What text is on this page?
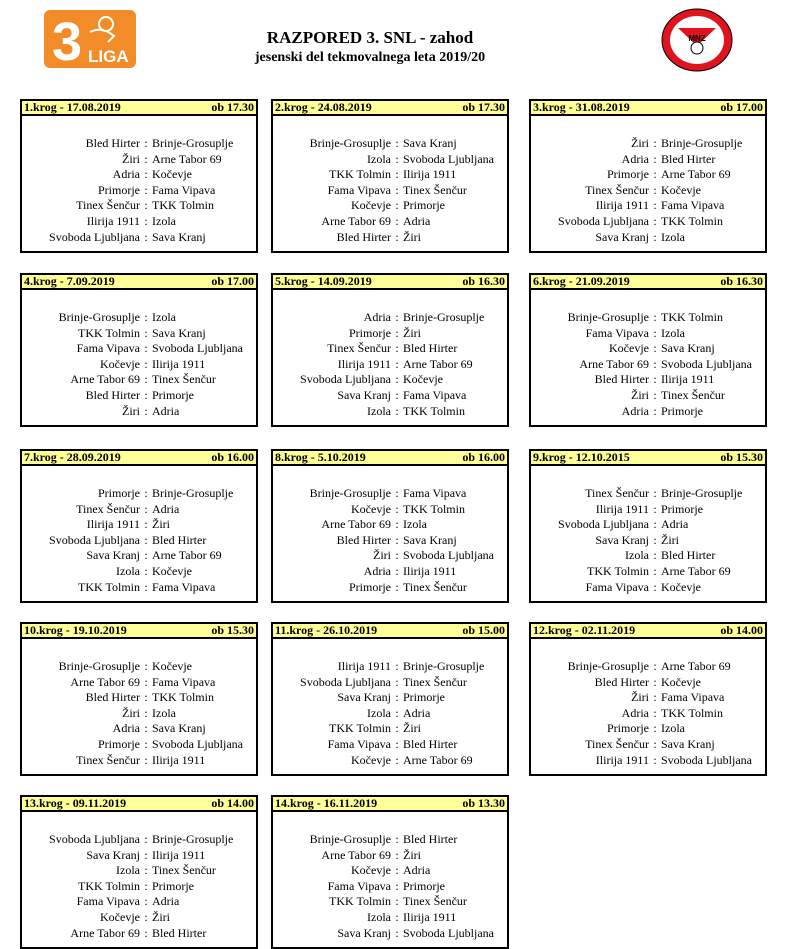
3 LIGA
RAZPORED 3. SNL - zahod
jesenski del tekmovalnega leta 2019/20
MNZ
1.krog - 17.08.2019	ob 17.30
Bled Hirter : Brinje-Grosuplje
Žiri : Arne Tabor 69
Adria : Kočevje
Primorje : Fama Vipava
Tinex Šenčur : TKK Tolmin
Ilirija 1911 : Izola
Svoboda Ljubljana : Sava Kranj
2.krog - 24.08.2019	ob 17.30
Brinje-Grosuplje : Sava Kranj
Izola : Svoboda Ljubljana
TKK Tolmin : Ilirija 1911
Fama Vipava : Tinex Šenčur
Kočevje : Primorje
Arne Tabor 69 : Adria
Bled Hirter : Žiri
3.krog - 31.08.2019	ob 17.00
Žiri : Brinje-Grosuplje
Adria : Bled Hirter
Primorje : Arne Tabor 69
Tinex Šenčur : Kočevje
Ilirija 1911 : Fama Vipava
Svoboda Ljubljana : TKK Tolmin
Sava Kranj : Izola
4.krog - 7.09.2019	ob 17.00
Brinje-Grosuplje : Izola
TKK Tolmin : Sava Kranj
Fama Vipava : Svoboda Ljubljana
Kočevje : Ilirija 1911
Arne Tabor 69 : Tinex Šenčur
Bled Hirter : Primorje
Žiri : Adria
5.krog - 14.09.2019	ob 16.30
Adria : Brinje-Grosuplje
Primorje : Žiri
Tinex Šenčur : Bled Hirter
Ilirija 1911 : Arne Tabor 69
Svoboda Ljubljana : Kočevje
Sava Kranj : Fama Vipava
Izola : TKK Tolmin
6.krog - 21.09.2019	ob 16.30
Brinje-Grosuplje : TKK Tolmin
Fama Vipava : Izola
Kočevje : Sava Kranj
Arne Tabor 69 : Svoboda Ljubljana
Bled Hirter : Ilirija 1911
Žiri : Tinex Šenčur
Adria : Primorje
7.krog - 28.09.2019	ob 16.00
Primorje : Brinje-Grosuplje
Tinex Šenčur : Adria
Ilirija 1911 : Žiri
Svoboda Ljubljana : Bled Hirter
Sava Kranj : Arne Tabor 69
Izola : Kočevje
TKK Tolmin : Fama Vipava
8.krog - 5.10.2019	ob 16.00
Brinje-Grosuplje : Fama Vipava
Kočevje : TKK Tolmin
Arne Tabor 69 : Izola
Bled Hirter : Sava Kranj
Žiri : Svoboda Ljubljana
Adria : Ilirija 1911
Primorje : Tinex Šenčur
9.krog - 12.10.2015	ob 15.30
Tinex Šenčur : Brinje-Grosuplje
Ilirija 1911 : Primorje
Svoboda Ljubljana : Adria
Sava Kranj : Žiri
Izola : Bled Hirter
TKK Tolmin : Arne Tabor 69
Fama Vipava : Kočevje
10.krog - 19.10.2019	ob 15.30
Brinje-Grosuplje : Kočevje
Arne Tabor 69 : Fama Vipava
Bled Hirter : TKK Tolmin
Žiri : Izola
Adria : Sava Kranj
Primorje : Svoboda Ljubljana
Tinex Šenčur : Ilirija 1911
11.krog - 26.10.2019	ob 15.00
Ilirija 1911 : Brinje-Grosuplje
Svoboda Ljubljana : Tinex Šenčur
Sava Kranj : Primorje
Izola : Adria
TKK Tolmin : Žiri
Fama Vipava : Bled Hirter
Kočevje : Arne Tabor 69
12.krog - 02.11.2019	ob 14.00
Brinje-Grosuplje : Arne Tabor 69
Bled Hirter : Kočevje
Žiri : Fama Vipava
Adria : TKK Tolmin
Primorje : Izola
Tinex Šenčur : Sava Kranj
Ilirija 1911 : Svoboda Ljubljana
13.krog - 09.11.2019	ob 14.00
Svoboda Ljubljana : Brinje-Grosuplje
Sava Kranj : Ilirija 1911
Izola : Tinex Šenčur
TKK Tolmin : Primorje
Fama Vipava : Adria
Kočevje : Žiri
Arne Tabor 69 : Bled Hirter
14.krog - 16.11.2019	ob 13.30
Brinje-Grosuplje : Bled Hirter
Arne Tabor 69 : Žiri
Kočevje : Adria
Fama Vipava : Primorje
TKK Tolmin : Tinex Šenčur
Izola : Ilirija 1911
Sava Kranj : Svoboda Ljubljana
